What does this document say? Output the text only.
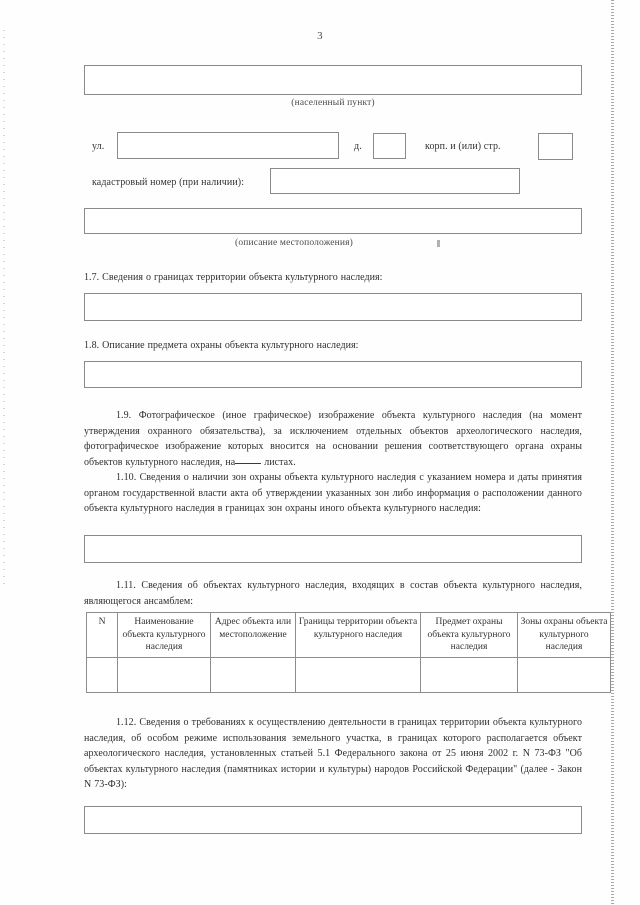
3
(населенный пункт)
ул.	д.	корп. и (или) стр.
кадастровый номер (при наличии):
(описание местоположения)
1.7. Сведения о границах территории объекта культурного наследия:
1.8. Описание предмета охраны объекта культурного наследия:
1.9. Фотографическое (иное графическое) изображение объекта культурного наследия (на момент утверждения охранного обязательства), за исключением отдельных объектов археологического наследия, фотографическое изображение которых вносится на основании решения соответствующего органа охраны объектов культурного наследия, на	листах.
1.10. Сведения о наличии зон охраны объекта культурного наследия с указанием номера и даты принятия органом государственной власти акта об утверждении указанных зон либо информация о расположении данного объекта культурного наследия в границах зон охраны иного объекта культурного наследия:
1.11. Сведения об объектах культурного наследия, входящих в состав объекта культурного наследия, являющегося ансамблем:
N	Наименование объекта культурного наследия	Адрес объекта или местоположение	Границы территории объекта культурного наследия	Предмет охраны объекта культурного наследия	Зоны охраны объекта культурного наследия

1.12. Сведения о требованиях к осуществлению деятельности в границах территории объекта культурного наследия, об особом режиме использования земельного участка, в границах которого располагается объект археологического наследия, установленных статьей 5.1 Федерального закона от 25 июня 2002 г. N 73-ФЗ "Об объектах культурного наследия (памятниках истории и культуры) народов Российской Федерации" (далее - Закон N 73-ФЗ):
